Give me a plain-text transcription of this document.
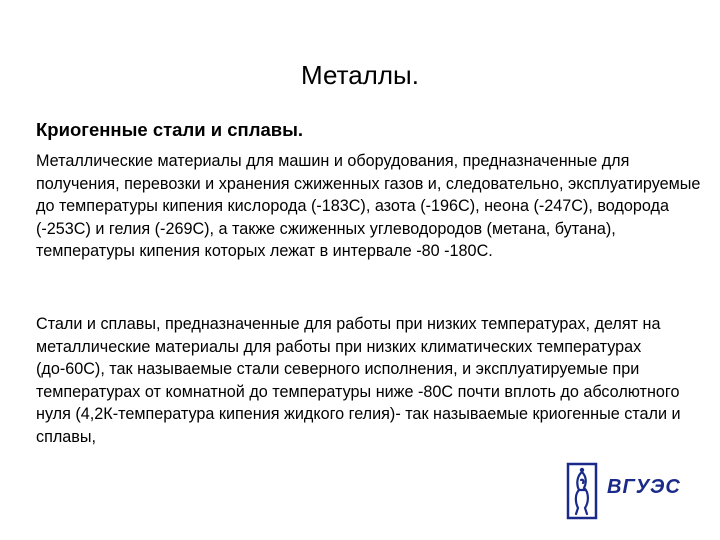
Металлы.
Криогенные стали и сплавы.

Металлические материалы для машин и оборудования, предназначенные для получения, перевозки и хранения сжиженных газов и, следовательно, эксплуатируемые до температуры кипения кислорода (-183С), азота (-196С), неона (-247С), водорода (-253С) и гелия (-269С), а также сжиженных углеводородов (метана, бутана), температуры кипения которых лежат в интервале -80 -180С.

Стали и сплавы, предназначенные для работы при низких температурах, делят на металлические материалы для работы при низких климатических температурах (до-60С), так называемые стали северного исполнения, и эксплуатируемые при температурах от комнатной до температуры ниже -80С почти вплоть до абсолютного нуля (4,2К-температура кипения жидкого гелия)- так называемые криогенные стали и сплавы,

ВГУЭС
